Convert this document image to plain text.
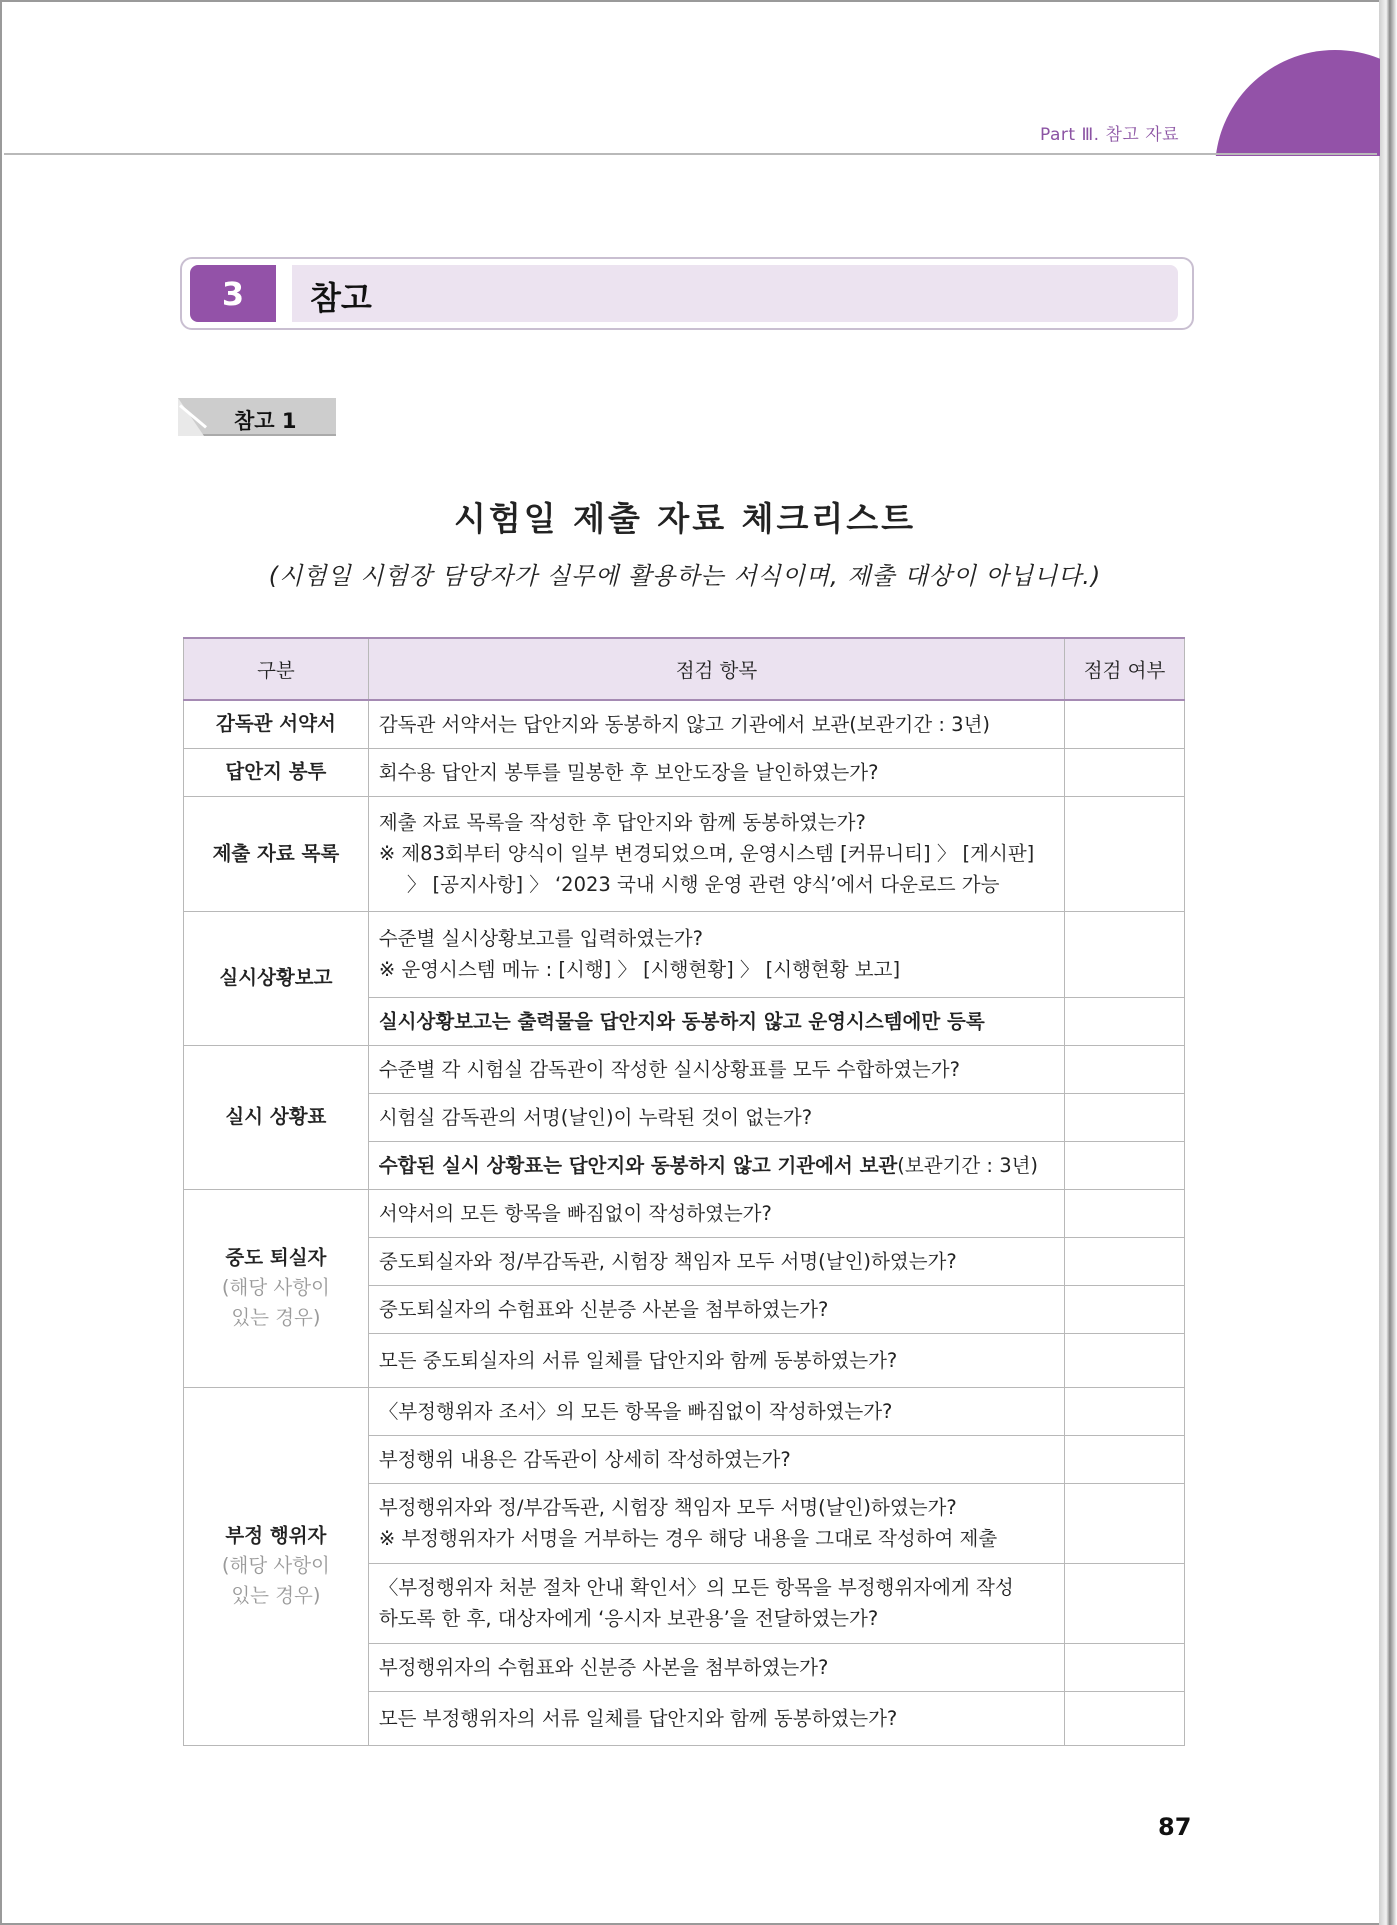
Part Ⅲ. 참고 자료
3	참고
참고 1
시험일 제출 자료 체크리스트
(시험일 시험장 담당자가 실무에 활용하는 서식이며, 제출 대상이 아닙니다.)
구분	점검 항목	점검 여부
감독관 서약서	감독관 서약서는 답안지와 동봉하지 않고 기관에서 보관(보관기간 : 3년)	
답안지 봉투	회수용 답안지 봉투를 밀봉한 후 보안도장을 날인하였는가?	
제출 자료 목록	제출 자료 목록을 작성한 후 답안지와 함께 동봉하였는가?
※ 제83회부터 양식이 일부 변경되었으며, 운영시스템 [커뮤니티] 〉 [게시판]
〉 [공지사항] 〉 ‘2023 국내 시행 운영 관련 양식’에서 다운로드 가능	

실시상황보고	수준별 실시상황보고를 입력하였는가?
※ 운영시스템 메뉴 : [시행] 〉 [시행현황] 〉 [시행현황 보고]	

	실시상황보고는 출력물을 답안지와 동봉하지 않고 운영시스템에만 등록	
실시 상황표	수준별 각 시험실 감독관이 작성한 실시상황표를 모두 수합하였는가?	
	시험실 감독관의 서명(날인)이 누락된 것이 없는가?	
	수합된 실시 상황표는 답안지와 동봉하지 않고 기관에서 보관(보관기간 : 3년)	
중도 퇴실자
(해당 사항이
있는 경우)	서약서의 모든 항목을 빠짐없이 작성하였는가?	
	중도퇴실자와 정/부감독관, 시험장 책임자 모두 서명(날인)하였는가?	
	중도퇴실자의 수험표와 신분증 사본을 첨부하였는가?	
	모든 중도퇴실자의 서류 일체를 답안지와 함께 동봉하였는가?	
부정 행위자
(해당 사항이
있는 경우)	〈부정행위자 조서〉의 모든 항목을 빠짐없이 작성하였는가?	
	부정행위 내용은 감독관이 상세히 작성하였는가?	

	부정행위자와 정/부감독관, 시험장 책임자 모두 서명(날인)하였는가?
※ 부정행위자가 서명을 거부하는 경우 해당 내용을 그대로 작성하여 제출	

	〈부정행위자 처분 절차 안내 확인서〉의 모든 항목을 부정행위자에게 작성
하도록 한 후, 대상자에게 ‘응시자 보관용’을 전달하였는가?	

	부정행위자의 수험표와 신분증 사본을 첨부하였는가?	
	모든 부정행위자의 서류 일체를 답안지와 함께 동봉하였는가?	
87
